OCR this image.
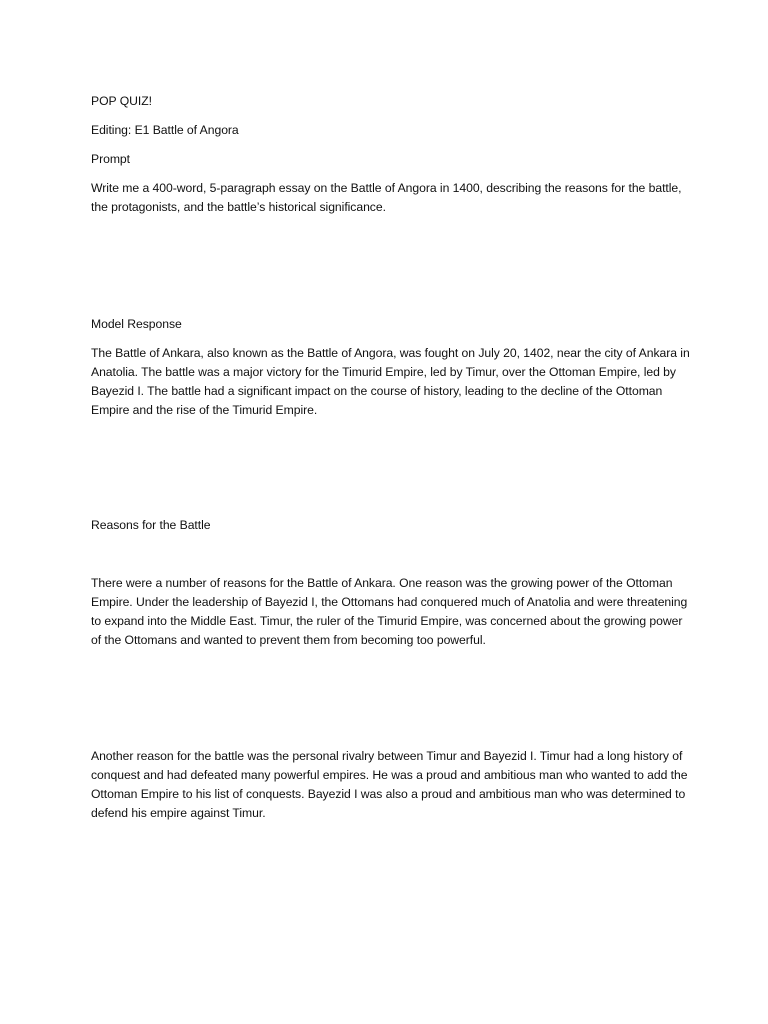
POP QUIZ!

Editing: E1 Battle of Angora

Prompt

Write me a 400-word, 5-paragraph essay on the Battle of Angora in 1400, describing the reasons for the battle, the protagonists, and the battle’s historical significance.

Model Response

The Battle of Ankara, also known as the Battle of Angora, was fought on July 20, 1402, near the city of Ankara in Anatolia. The battle was a major victory for the Timurid Empire, led by Timur, over the Ottoman Empire, led by Bayezid I. The battle had a significant impact on the course of history, leading to the decline of the Ottoman Empire and the rise of the Timurid Empire.

Reasons for the Battle

There were a number of reasons for the Battle of Ankara. One reason was the growing power of the Ottoman Empire. Under the leadership of Bayezid I, the Ottomans had conquered much of Anatolia and were threatening to expand into the Middle East. Timur, the ruler of the Timurid Empire, was concerned about the growing power of the Ottomans and wanted to prevent them from becoming too powerful.

Another reason for the battle was the personal rivalry between Timur and Bayezid I. Timur had a long history of conquest and had defeated many powerful empires. He was a proud and ambitious man who wanted to add the Ottoman Empire to his list of conquests. Bayezid I was also a proud and ambitious man who was determined to defend his empire against Timur.
